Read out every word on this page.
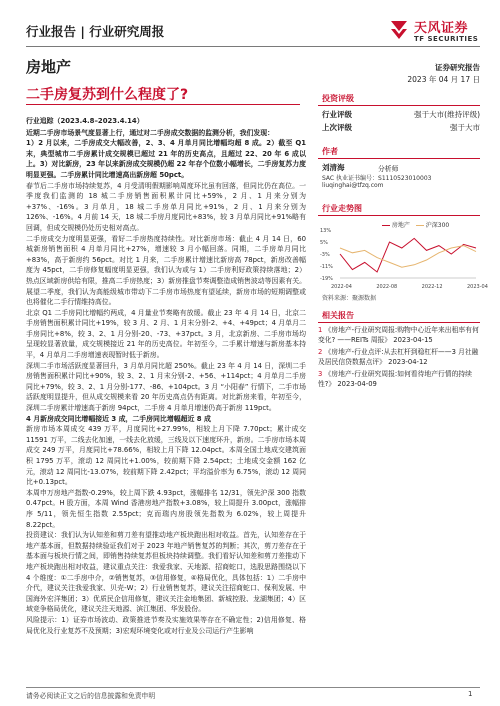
行业报告 | 行业研究周报	天风证券
TF SECURITIES
房地产	证券研究报告
2023 年 04 月 17 日
二手房复苏到什么程度了?	投资评级
行业评级	强于大市(维持评级)
上次评级	强于大市
作者
刘清海	分析师
SAC 执业证书编号：S1110523010003
liuqinghai@tfzq.com
行业走势图
13%
5%
-3%
-11%
-19%
2022-04	2022-08	2022-12	2023-04
房地产	沪深300
资料来源：聚源数据
相关报告
1 《房地产-行业研究周报:购物中心近年来出租率有何变化? ——REITs 周报》 2023-04-15
2 《房地产-行业点评:从去杠杆到稳杠杆——3 月社融及居民信贷数据点评》 2023-04-12
3 《房地产-行业研究周报:如何看待地产行情的持续性?》 2023-04-09
行业追踪（2023.4.8–2023.4.14）
近期二手房市场景气度显著上行，通过对二手房成交数据的监测分析，我们发现：
1）2 月以来，二手房成交大幅改善，2、3、4 月单月同比增幅均超 8 成。2）截至 Q1 末，典型城市二手房累计成交规模已超过 21 年的历史高点，且超过 22、20 年 6 成以上。3）对比新房，23 年以来新房成交规模仍超 22 年存个位数小幅增长，二手房复苏力度明显更强。二手房累计同比增速高出新房超 50pct。
春节后二手房市场持续复苏，4 月受清明假期影响周度环比虽有回落，但同比仍在高位。一季度我们监测的 18 城二手房销售面积累计同比+59%，2 月、1 月来分别为+37%、-16%。3 月单月，18 城二手房单月同比+91%，2 月、1 月来分别为 126%、-16%。4 月前 14 天，18 城二手房月度同比+83%，较 3 月单月同比+91%略有回调，但成交规模仍处历史相对高点。
二手房成交力度明显更强，看好二手房热度持续性。对比新房市场：截止 4 月 14 日，60 城新房销售面积 4 月单月同比+27%，增速较 3 月小幅回落。同期，二手房单月同比+83%，高于新房约 56pct。对比 1 月来，二手房累计增速比新房高 78pct，新房改善幅度为 45pct，二手房修复幅度明显更强，我们认为或与 1）二手房利好政策持续落地；2）热点区域新房供给有限，推高二手房热度；3）新房推盘节奏调整造成销售波动等因素有关。展望二季度，我们认为高能级城市带动下二手房市场热度有望延续，新房市场的短期调整或也将催化二手行情维持高位。
北京 Q1 二手房同比增幅约两成，4 月量业节奏略有放缓。截止 23 年 4 月 14 日，北京二手房销售面积累计同比+19%，较 3 月、2 月、1 月末分别-2、+4、+49pct；4 月单月二手房同比+8%，较 3、2、1 月分别-20、-73、+37pct。3 月，北京新房、二手房市场均呈现较显著放量，成交规模接近 21 年的历史高位。年初至今，二手累计增速与新房基本持平，4 月单月二手房增速表现暂时低于新房。
深圳二手市场活跃度显著回升，3 月单月同比超 250%。截止 23 年 4 月 14 日，深圳二手房销售面积累计同比+90%，较 3、2、1 月末分别-2、+56、+114pct；4 月单月二手房同比+79%，较 3、2、1 月分别-177、-86、+104pct。3 月 “小阳春” 行情下，二手市场活跃度明显提升，但从成交规模来看 20 年历史高点仍有距离。对比新房来看，年初至今，深圳二手房累计增速高于新房 94pct，二手房 4 月单月增速仍高于新房 119pct。
4 月新房成交同比增幅接近 3 成，二手房同比增幅超近 8 成
新房市场本周成交 439 万平，月度同比+27.99%，相较上月下降 7.70pct；累计成交 11591 万平，二线去化加速，一线去化放缓，三线及以下速度环升，新房。二手房市场本周成交 249 万平，月度同比+78.66%，相较上月下降 12.04pct。本周全国土地成交建筑面积 1795 万平，滚动 12 周同比+1.00%，较前期下降 2.54pct；土地成交金额 162 亿元，滚动 12 周同比-13.07%，较前期下降 2.42pct；平均溢价率为 6.75%，滚动 12 周同比+0.13pct。
本周申万房地产指数-0.29%，较上周下跌 4.93pct，涨幅排名 12/31，领先沪深 300 指数 0.47pct。H 股方面，本周 Wind 香港房地产指数+3.08%，较上周提升 3.00pct，涨幅排序 5/11，领先恒生指数 2.55pct；克而瑞内房股领先指数为 6.02%，较上周提升 8.22pct。
投资建议：我们认为认知差和剪刀差有望推动地产板块跑出相对收益。首先，认知差存在于地产基本面，但数据持续验证我们对于 2023 年地产销售复苏的判断；其次，剪刀差存在于基本面与板块行情之间，即销售持续复苏但板块持续调整。我们看好认知差和剪刀差推动下地产板块跑出相对收益，建议重点关注：我爱我家、天地源、招商蛇口，选股思路围绕以下 4 个维度：①二手房中介，②销售复苏，③信用修复，④格局优化，具体包括：1）二手房中介代，建议关注我爱我家、贝壳-W；2）行业销售复苏，建议关注招商蛇口、保利发展、中国海外宏洋集团；3）优质民企信用修复，建议关注金地集团、新城控股、龙湖集团；4）区域竞争格局优化，建议关注天地源、滨江集团、华发股份。
风险提示：1）证券市场波动、政策推进节奏及实施效果等存在不确定性；2)信用修复、格局优化及行业复苏不及预期；3)宏观环境变化或对行业及公司运行产生影响
请务必阅读正文之后的信息披露和免责申明	1
